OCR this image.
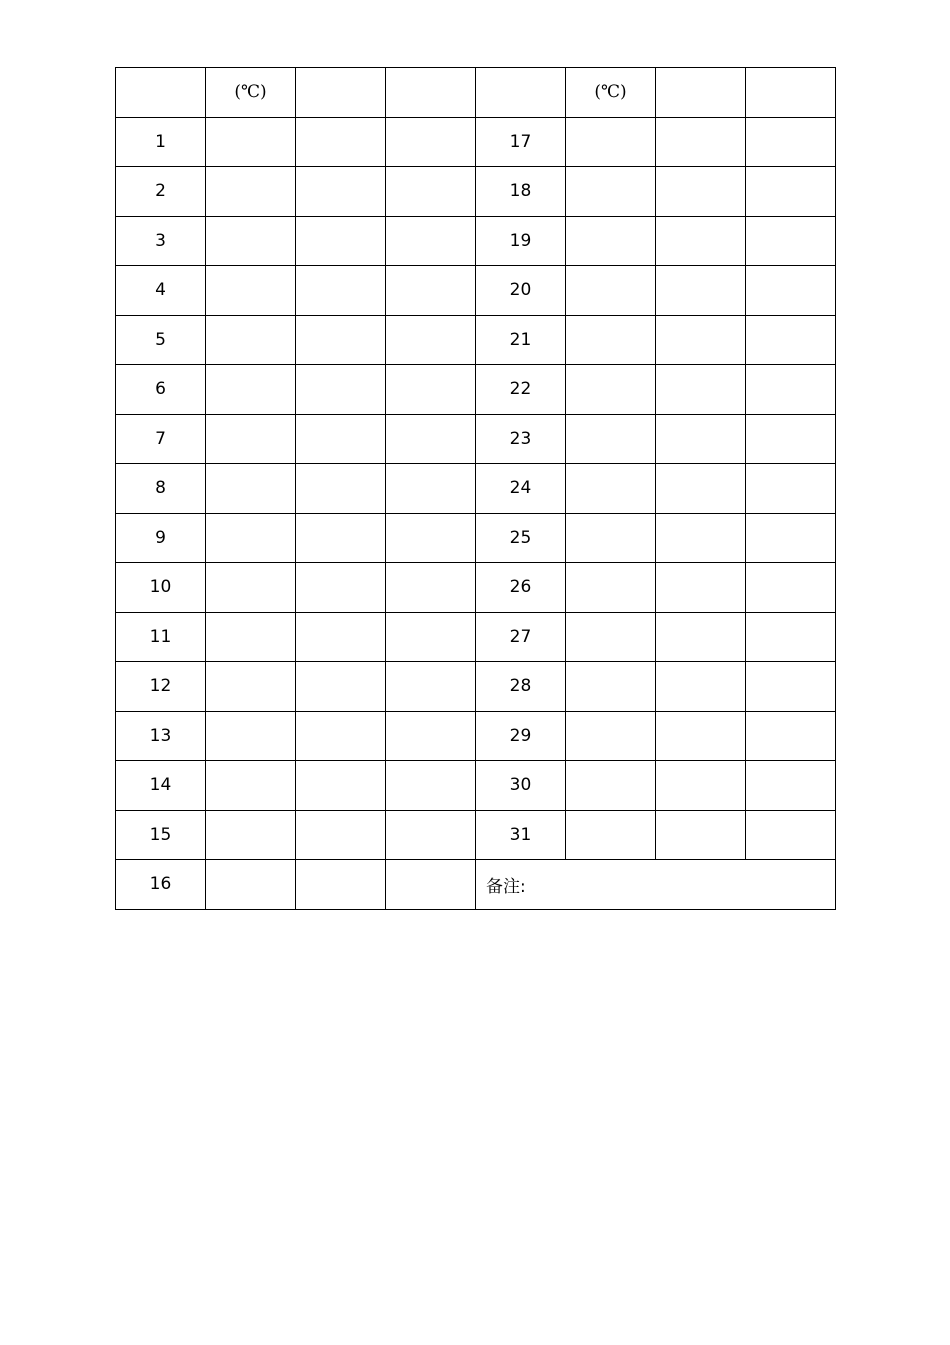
	(℃)				(℃)		
1				17			
2				18			
3				19			
4				20			
5				21			
6				22			
7				23			
8				24			
9				25			
10				26			
11				27			
12				28			
13				29			
14				30			
15				31			
16				备注:			
